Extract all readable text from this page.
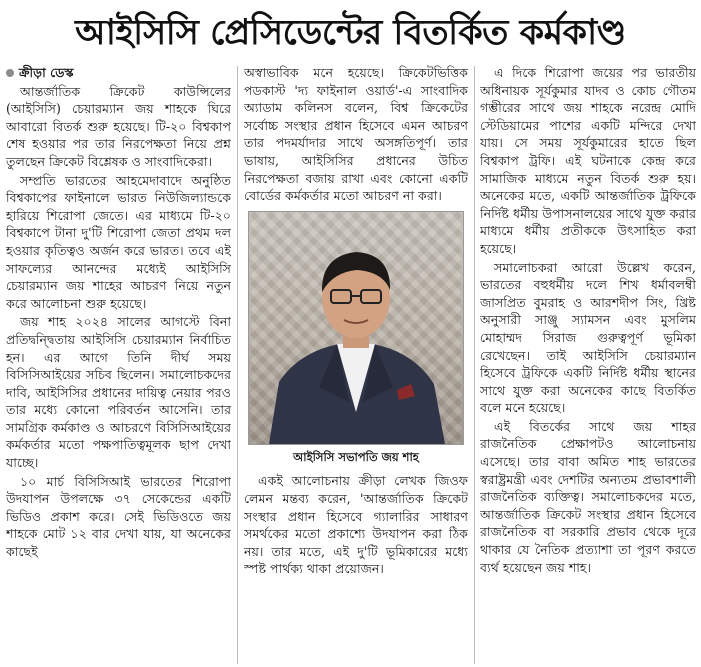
আইসিসি প্রেসিডেন্টের বিতর্কিত কর্মকাণ্ড
ক্রীড়া ডেস্ক

আন্তর্জাতিক ক্রিকেট কাউন্সিলের (আইসিসি) চেয়ারম্যান জয় শাহকে ঘিরে আবারো বিতর্ক শুরু হয়েছে। টি-২০ বিশ্বকাপ শেষ হওয়ার পর তার নিরপেক্ষতা নিয়ে প্রশ্ন তুলছেন ক্রিকেট বিশ্লেষক ও সাংবাদিকেরা।

সম্প্রতি ভারতের আহমেদাবাদে অনুষ্ঠিত বিশ্বকাপের ফাইনালে ভারত নিউজিল্যান্ডকে হারিয়ে শিরোপা জেতে। এর মাধ্যমে টি-২০ বিশ্বকাপে টানা দু'টি শিরোপা জেতা প্রথম দল হওয়ার কৃতিত্বও অর্জন করে ভারত। তবে এই সাফল্যের আনন্দের মধ্যেই আইসিসি চেয়ারম্যান জয় শাহের আচরণ নিয়ে নতুন করে আলোচনা শুরু হয়েছে।

জয় শাহ ২০২৪ সালের আগস্টে বিনা প্রতিদ্বন্দ্বিতায় আইসিসি চেয়ারম্যান নির্বাচিত হন। এর আগে তিনি দীর্ঘ সময় বিসিসিআইয়ের সচিব ছিলেন। সমালোচকদের দাবি, আইসিসির প্রধানের দায়িত্ব নেয়ার পরও তার মধ্যে কোনো পরিবর্তন আসেনি। তার সামগ্রিক কর্মকাণ্ড ও আচরণে বিসিসিআইয়ের কর্মকর্তার মতো পক্ষপাতিত্বমূলক ছাপ দেখা যাচ্ছে।

১০ মার্চ বিসিসিআই ভারতের শিরোপা উদযাপন উপলক্ষে ৩৭ সেকেন্ডের একটি ভিডিও প্রকাশ করে। সেই ভিডিওতে জয় শাহকে মোট ১২ বার দেখা যায়, যা অনেকের কাছেই

অস্বাভাবিক মনে হয়েছে। ক্রিকেটভিত্তিক পডকাস্ট 'দ্য ফাইনাল ওয়ার্ড'-এ সাংবাদিক অ্যাডাম কলিনস বলেন, বিশ্ব ক্রিকেটের সর্বোচ্চ সংস্থার প্রধান হিসেবে এমন আচরণ তার পদমর্যাদার সাথে অসঙ্গতিপূর্ণ। তার ভাষায়, আইসিসির প্রধানের উচিত নিরপেক্ষতা বজায় রাখা এবং কোনো একটি বোর্ডের কর্মকর্তার মতো আচরণ না করা।

আইসিসি সভাপতি জয় শাহ

একই আলোচনায় ক্রীড়া লেখক জিওফ লেমন মন্তব্য করেন, 'আন্তর্জাতিক ক্রিকেট সংস্থার প্রধান হিসেবে গ্যালারির সাধারণ সমর্থকের মতো প্রকাশ্যে উদযাপন করা ঠিক নয়। তার মতে, এই দু'টি ভূমিকারের মধ্যে স্পষ্ট পার্থক্য থাকা প্রয়োজন।

এ দিকে শিরোপা জয়ের পর ভারতীয় অধিনায়ক সূর্যকুমার যাদব ও কোচ গৌতম গম্ভীরের সাথে জয় শাহকে নরেন্দ্র মোদি স্টেডিয়ামের পাশের একটি মন্দিরে দেখা যায়। সে সময় সূর্যকুমারের হাতে ছিল বিশ্বকাপ ট্রফি। এই ঘটনাকে কেন্দ্র করে সামাজিক মাধ্যমে নতুন বিতর্ক শুরু হয়। অনেকের মতে, একটি আন্তর্জাতিক ট্রফিকে নির্দিষ্ট ধর্মীয় উপাসনালয়ের সাথে যুক্ত করার মাধ্যমে ধর্মীয় প্রতীককে উৎসাহিত করা হয়েছে।

সমালোচকরা আরো উল্লেখ করেন, ভারতের বহুধর্মীয় দলে শিখ ধর্মাবলম্বী জাসপ্রিত বুমরাহ ও আরশদীপ সিং, খ্রিষ্ট অনুসারী সাঞ্জু স্যামসন এবং মুসলিম মোহাম্মদ সিরাজ গুরুত্বপূর্ণ ভূমিকা রেখেছেন। তাই আইসিসি চেয়ারম্যান হিসেবে ট্রফিকে একটি নির্দিষ্ট ধর্মীয় স্থানের সাথে যুক্ত করা অনেকের কাছে বিতর্কিত বলে মনে হয়েছে।

এই বিতর্কের সাথে জয় শাহর রাজনৈতিক প্রেক্ষাপটও আলোচনায় এসেছে। তার বাবা অমিত শাহ ভারতের স্বরাষ্ট্রমন্ত্রী এবং দেশটির অন্যতম প্রভাবশালী রাজনৈতিক ব্যক্তিত্ব। সমালোচকদের মতে, আন্তর্জাতিক ক্রিকেট সংস্থার প্রধান হিসেবে রাজনৈতিক বা সরকারি প্রভাব থেকে দূরে থাকার যে নৈতিক প্রত্যাশা তা পূরণ করতে ব্যর্থ হয়েছেন জয় শাহ।
